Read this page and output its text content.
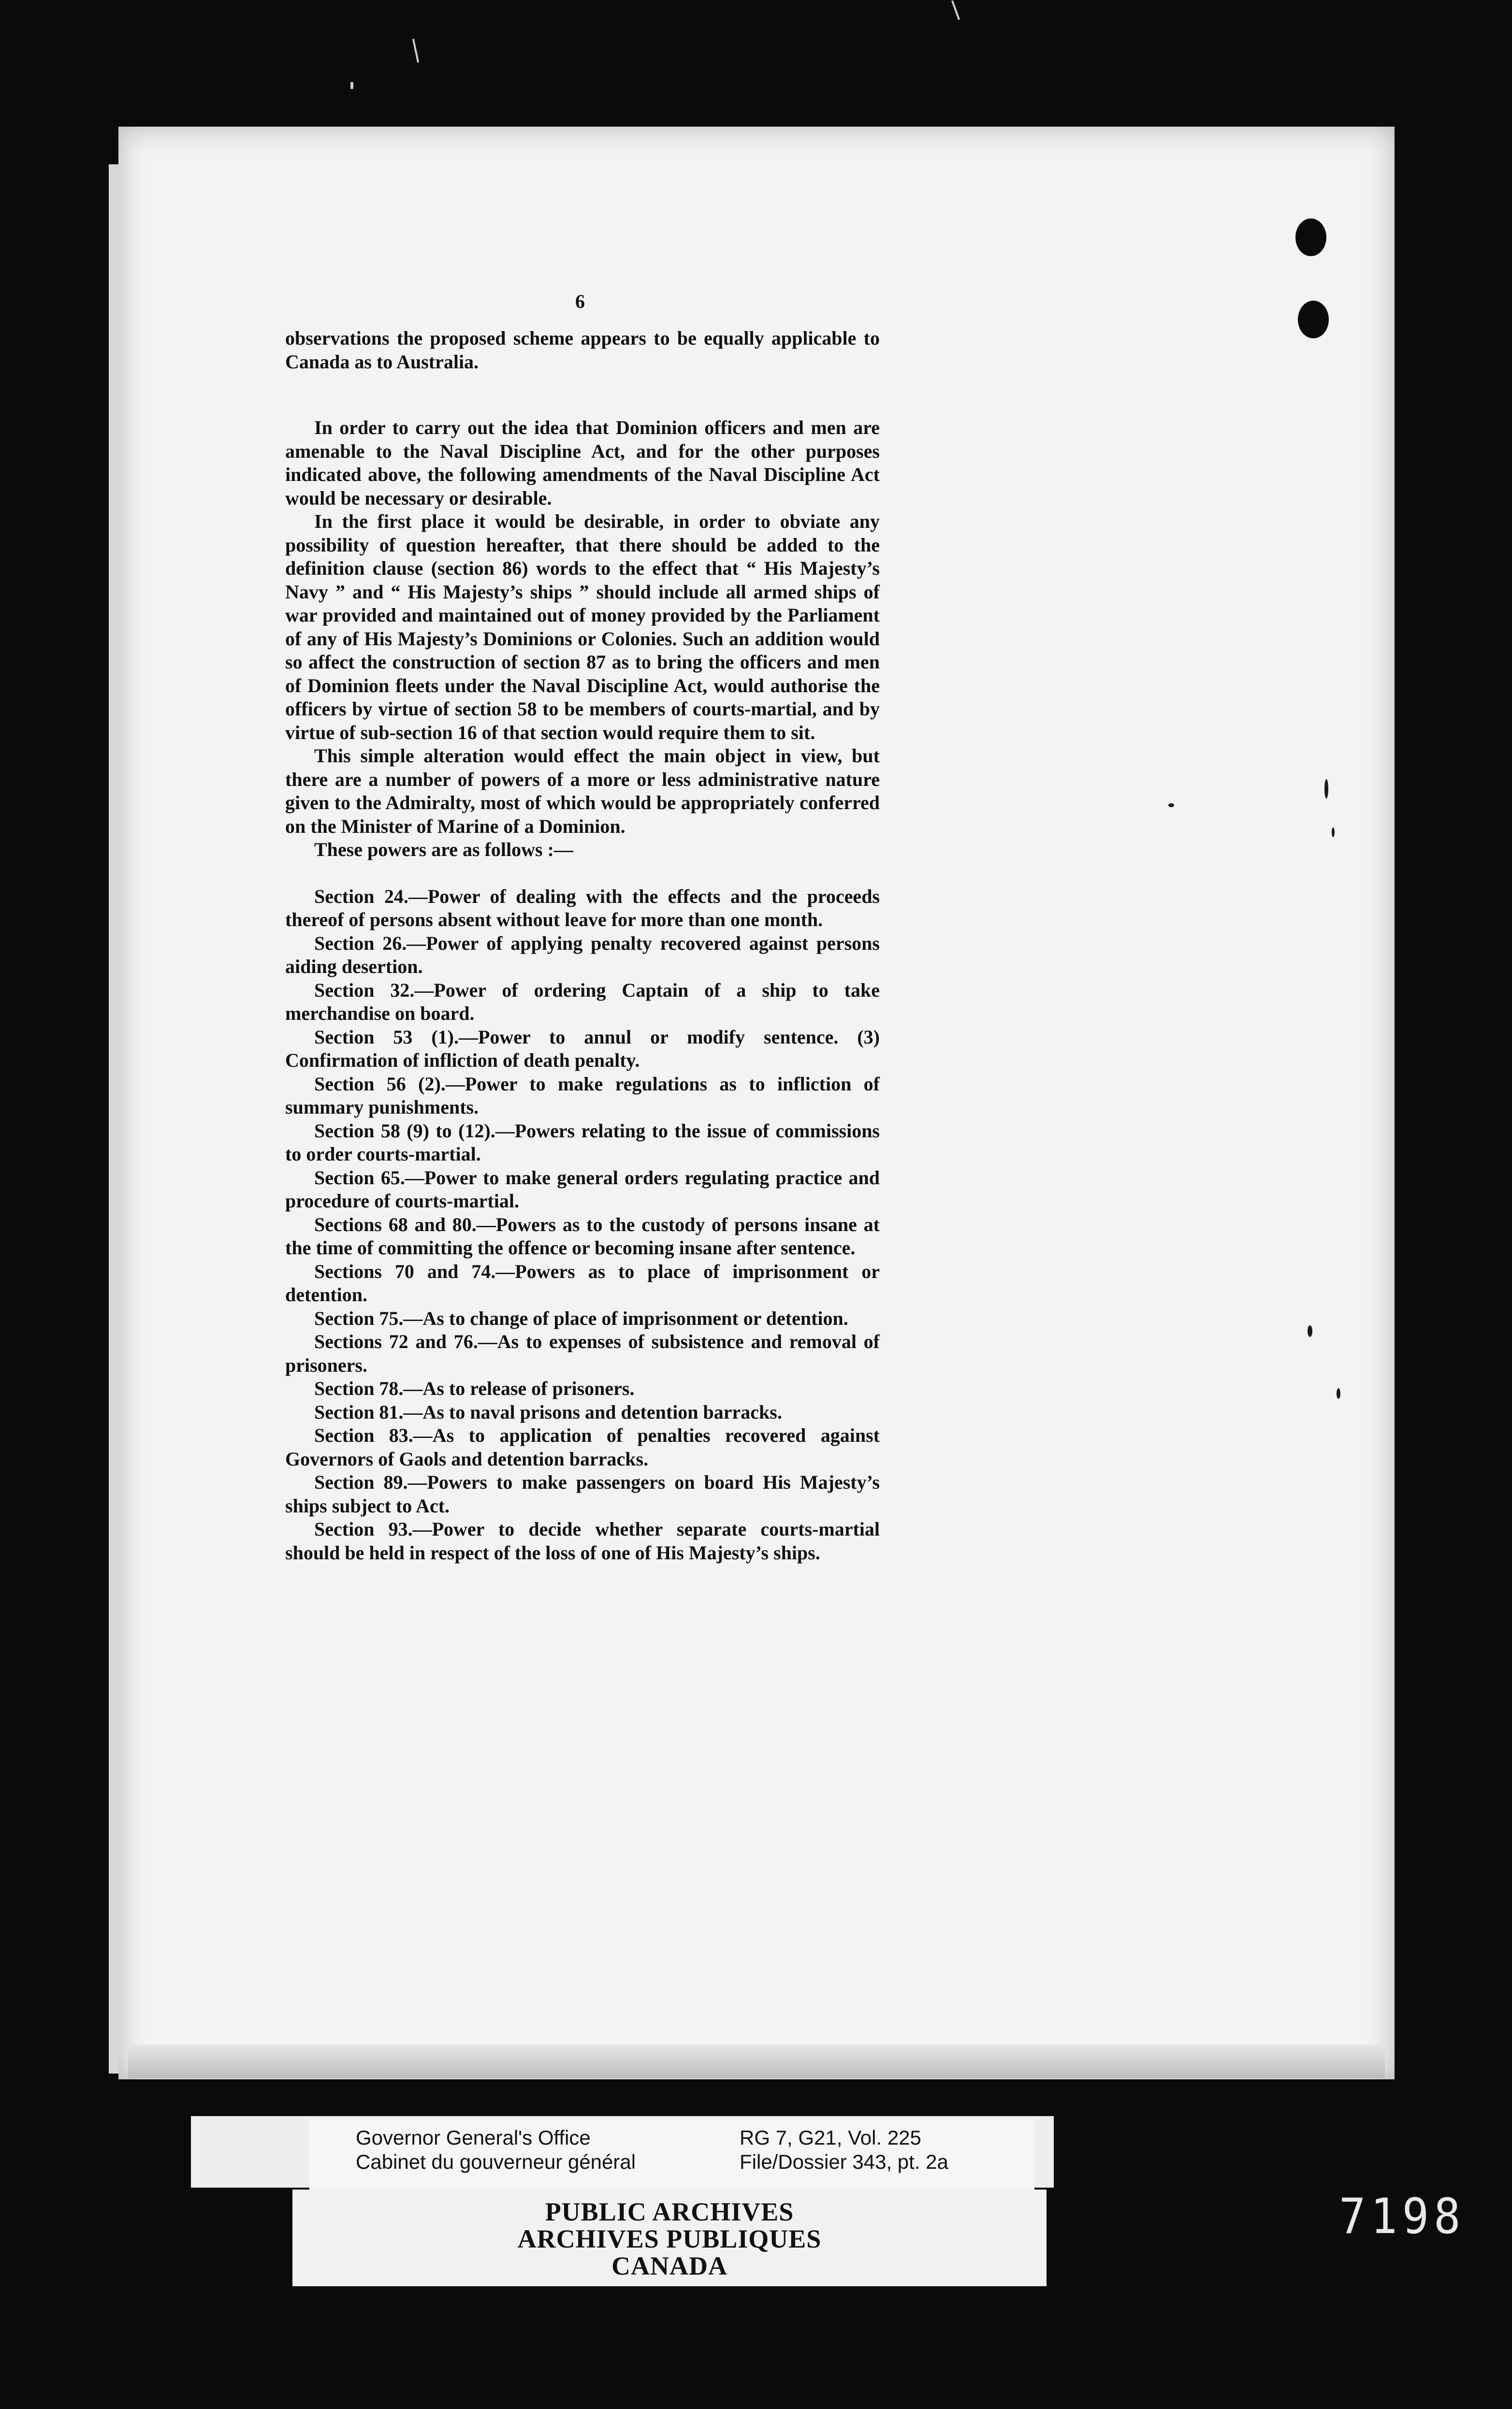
6

observations the proposed scheme appears to be equally applicable to Canada as to Australia.

In order to carry out the idea that Dominion officers and men are amenable to the Naval Discipline Act, and for the other purposes indicated above, the following amendments of the Naval Discipline Act would be necessary or desirable.

In the first place it would be desirable, in order to obviate any possibility of question hereafter, that there should be added to the definition clause (section 86) words to the effect that “ His Majesty’s Navy ” and “ His Majesty’s ships ” should include all armed ships of war provided and maintained out of money provided by the Parliament of any of His Majesty’s Dominions or Colonies. Such an addition would so affect the construction of section 87 as to bring the officers and men of Dominion fleets under the Naval Discipline Act, would authorise the officers by virtue of section 58 to be members of courts-martial, and by virtue of sub-section 16 of that section would require them to sit.

This simple alteration would effect the main object in view, but there are a number of powers of a more or less administrative nature given to the Admiralty, most of which would be appropriately conferred on the Minister of Marine of a Dominion.

These powers are as follows :—

Section 24.—Power of dealing with the effects and the proceeds thereof of persons absent without leave for more than one month.

Section 26.—Power of applying penalty recovered against persons aiding desertion.

Section 32.—Power of ordering Captain of a ship to take merchandise on board.

Section 53 (1).—Power to annul or modify sentence. (3) Confirmation of infliction of death penalty.

Section 56 (2).—Power to make regulations as to infliction of summary punishments.

Section 58 (9) to (12).—Powers relating to the issue of commissions to order courts-martial.

Section 65.—Power to make general orders regulating practice and procedure of courts-martial.

Sections 68 and 80.—Powers as to the custody of persons insane at the time of committing the offence or becoming insane after sentence.

Sections 70 and 74.—Powers as to place of imprisonment or detention.

Section 75.—As to change of place of imprisonment or detention.

Sections 72 and 76.—As to expenses of subsistence and removal of prisoners.

Section 78.—As to release of prisoners.

Section 81.—As to naval prisons and detention barracks.

Section 83.—As to application of penalties recovered against Governors of Gaols and detention barracks.

Section 89.—Powers to make passengers on board His Majesty’s ships subject to Act.

Section 93.—Power to decide whether separate courts-martial should be held in respect of the loss of one of His Majesty’s ships.

Governor General's Office
Cabinet du gouverneur général
RG 7, G21, Vol. 225
File/Dossier 343, pt. 2a
PUBLIC ARCHIVES
ARCHIVES PUBLIQUES
CANADA
7198
